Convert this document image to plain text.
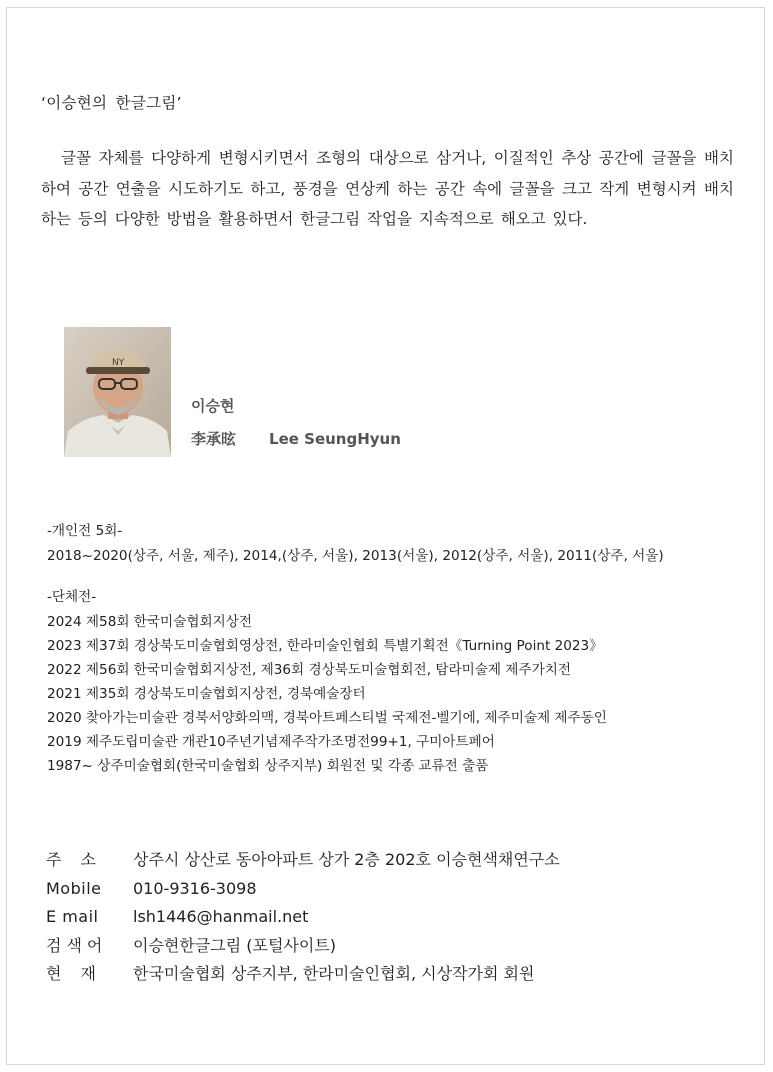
‘이승현의 한글그림’

글꼴 자체를 다양하게 변형시키면서 조형의 대상으로 삼거나, 이질적인 추상 공간에 글꼴을 배치하여 공간 연출을 시도하기도 하고, 풍경을 연상케 하는 공간 속에 글꼴을 크고 작게 변형시켜 배치하는 등의 다양한 방법을 활용하면서 한글그림 작업을 지속적으로 해오고 있다.

NY
이승현
李承昡 Lee SeungHyun
-개인전 5회-
2018~2020(상주, 서울, 제주), 2014,(상주, 서울), 2013(서울), 2012(상주, 서울), 2011(상주, 서울)
-단체전-
2024 제58회 한국미술협회지상전
2023 제37회 경상북도미술협회영상전, 한라미술인협회 특별기획전《Turning Point 2023》
2022 제56회 한국미술협회지상전, 제36회 경상북도미술협회전, 탐라미술제 제주가치전
2021 제35회 경상북도미술협회지상전, 경북예술장터
2020 찾아가는미술관 경북서양화의맥, 경북아트페스티벌 국제전-벨기에, 제주미술제 제주동인
2019 제주도립미술관 개관10주년기념제주작가조명전99+1, 구미아트페어
1987~ 상주미술협회(한국미술협회 상주지부) 회원전 및 각종 교류전 출품
주소 상주시 상산로 동아아파트 상가 2층 202호 이승현색채연구소
Mobile 010-9316-3098
E mail lsh1446@hanmail.net
검색어 이승현한글그림 (포털사이트)
현재 한국미술협회 상주지부, 한라미술인협회, 시상작가회 회원
